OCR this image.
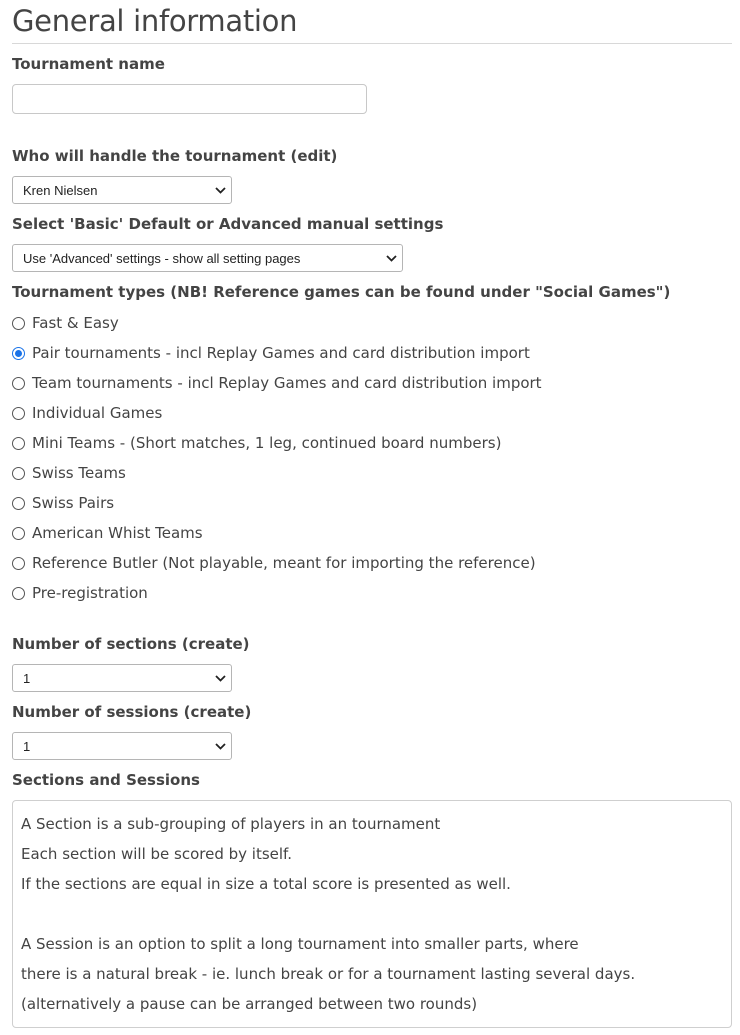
General information
Tournament name
Who will handle the tournament (edit)
Kren Nielsen
Select 'Basic' Default or Advanced manual settings
Use 'Advanced' settings - show all setting pages
Tournament types (NB! Reference games can be found under "Social Games")
Fast & Easy
Pair tournaments - incl Replay Games and card distribution import
Team tournaments - incl Replay Games and card distribution import
Individual Games
Mini Teams - (Short matches, 1 leg, continued board numbers)
Swiss Teams
Swiss Pairs
American Whist Teams
Reference Butler (Not playable, meant for importing the reference)
Pre-registration
Number of sections (create)
1
Number of sessions (create)
1
Sections and Sessions
A Section is a sub-grouping of players in an tournament
Each section will be scored by itself.
If the sections are equal in size a total score is presented as well.
A Session is an option to split a long tournament into smaller parts, where
there is a natural break - ie. lunch break or for a tournament lasting several days.
(alternatively a pause can be arranged between two rounds)
